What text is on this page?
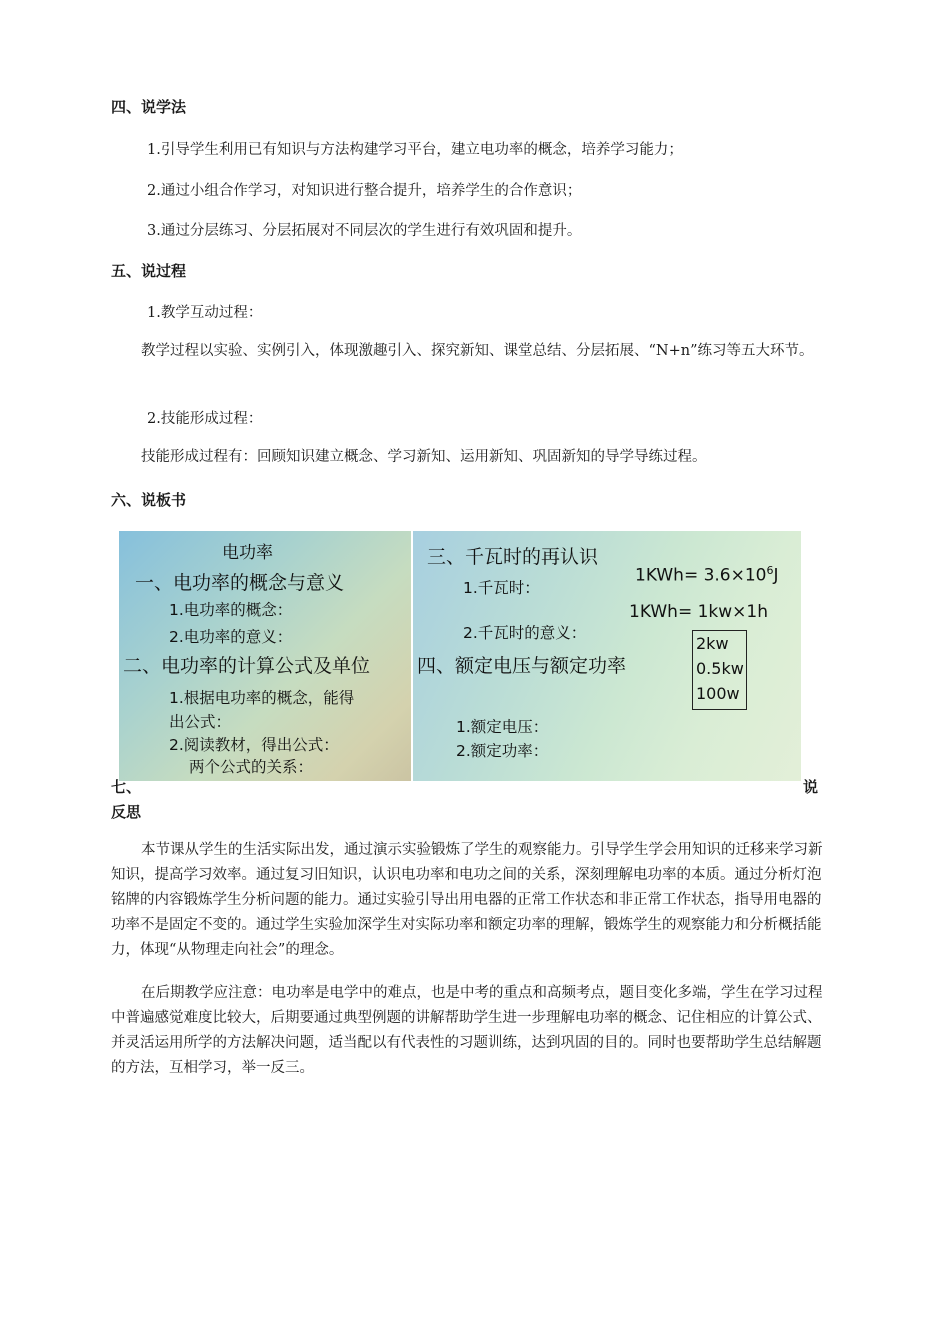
四、说学法
1.引导学生利用已有知识与方法构建学习平台，建立电功率的概念，培养学习能力；
2.通过小组合作学习，对知识进行整合提升，培养学生的合作意识；
3.通过分层练习、分层拓展对不同层次的学生进行有效巩固和提升。
五、说过程
1.教学互动过程：
教学过程以实验、实例引入，体现激趣引入、探究新知、课堂总结、分层拓展、“N+n”练习等五大环节。
2.技能形成过程：
技能形成过程有：回顾知识建立概念、学习新知、运用新知、巩固新知的导学导练过程。
六、说板书
电功率
一、电功率的概念与意义
1.电功率的概念：
2.电功率的意义：
二、电功率的计算公式及单位
1.根据电功率的概念，能得
出公式：
2.阅读教材，得出公式：
两个公式的关系：
三、千瓦时的再认识
1.千瓦时：
$1KWh= 3.6\times 10^6J$
1KWh= 1kw×1h
2.千瓦时的意义：
四、额定电压与额定功率
2kw
0.5kw
100w
1.额定电压：
2.额定功率：
七、	说
反思
本节课从学生的生活实际出发，通过演示实验锻炼了学生的观察能力。引导学生学会用知识的迁移来学习新知识，提高学习效率。通过复习旧知识，认识电功率和电功之间的关系，深刻理解电功率的本质。通过分析灯泡铭牌的内容锻炼学生分析问题的能力。通过实验引导出用电器的正常工作状态和非正常工作状态，指导用电器的功率不是固定不变的。通过学生实验加深学生对实际功率和额定功率的理解，锻炼学生的观察能力和分析概括能力，体现“从物理走向社会”的理念。
在后期教学应注意：电功率是电学中的难点，也是中考的重点和高频考点，题目变化多端，学生在学习过程中普遍感觉难度比较大，后期要通过典型例题的讲解帮助学生进一步理解电功率的概念、记住相应的计算公式、并灵活运用所学的方法解决问题，适当配以有代表性的习题训练，达到巩固的目的。同时也要帮助学生总结解题的方法，互相学习，举一反三。
